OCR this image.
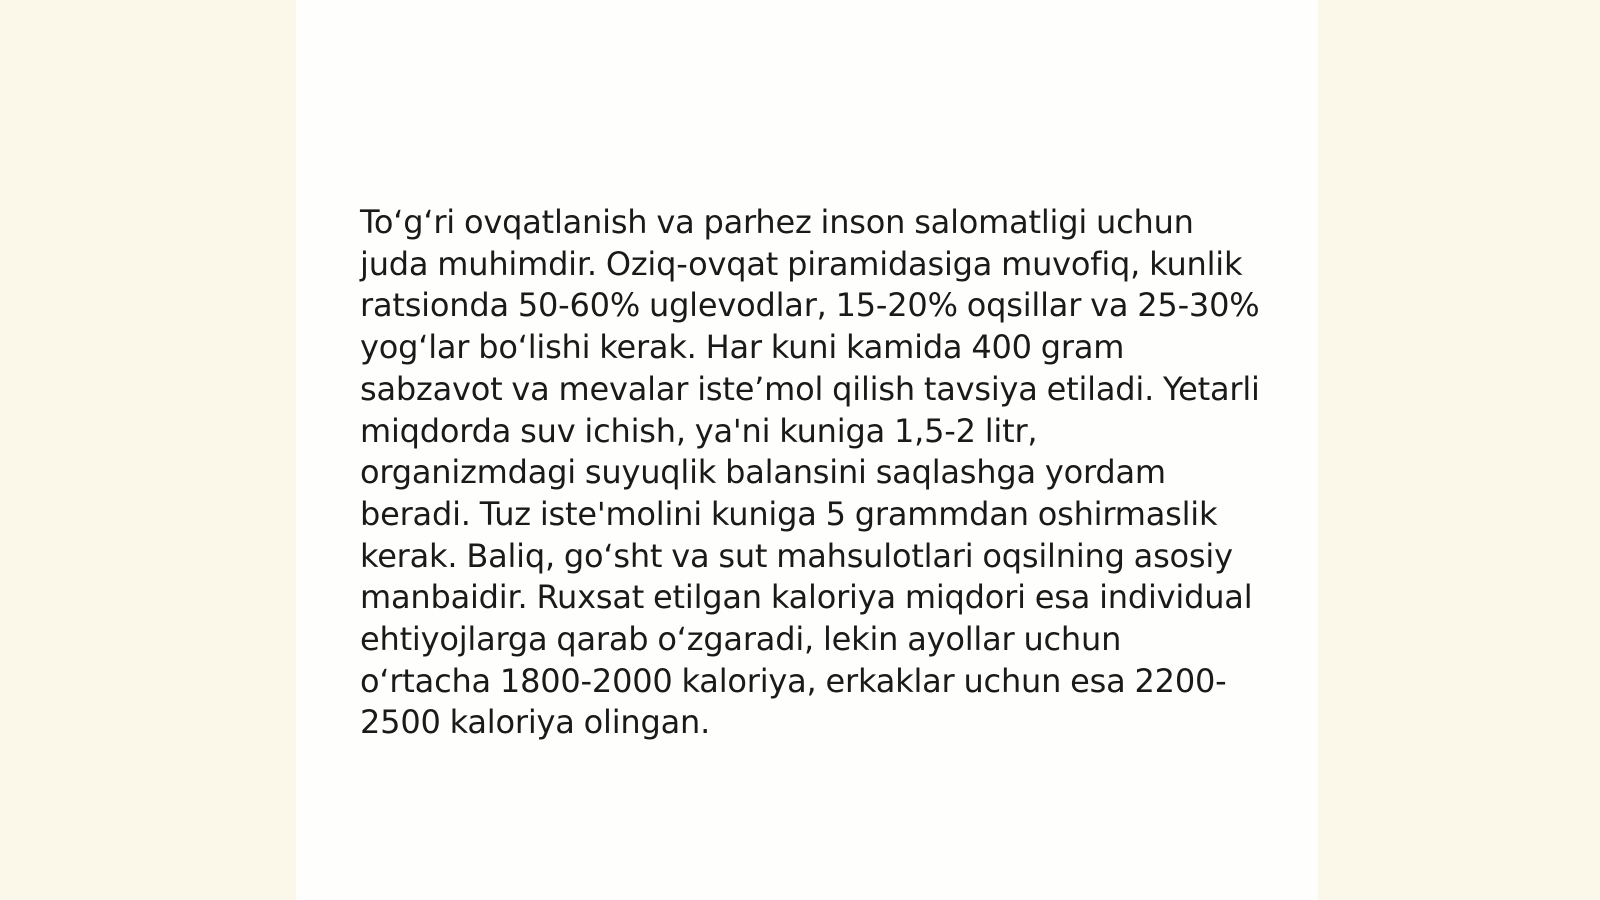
To‘g‘ri ovqatlanish va parhez inson salomatligi uchun juda muhimdir. Oziq-ovqat piramidasiga muvofiq, kunlik ratsionda 50-60% uglevodlar, 15-20% oqsillar va 25-30% yog‘lar bo‘lishi kerak. Har kuni kamida 400 gram sabzavot va mevalar iste’mol qilish tavsiya etiladi. Yetarli miqdorda suv ichish, ya'ni kuniga 1,5-2 litr, organizmdagi suyuqlik balansini saqlashga yordam beradi. Tuz iste'molini kuniga 5 grammdan oshirmaslik kerak. Baliq, go‘sht va sut mahsulotlari oqsilning asosiy manbaidir. Ruxsat etilgan kaloriya miqdori esa individual ehtiyojlarga qarab o‘zgaradi, lekin ayollar uchun o‘rtacha 1800-2000 kaloriya, erkaklar uchun esa 2200-2500 kaloriya olingan.
